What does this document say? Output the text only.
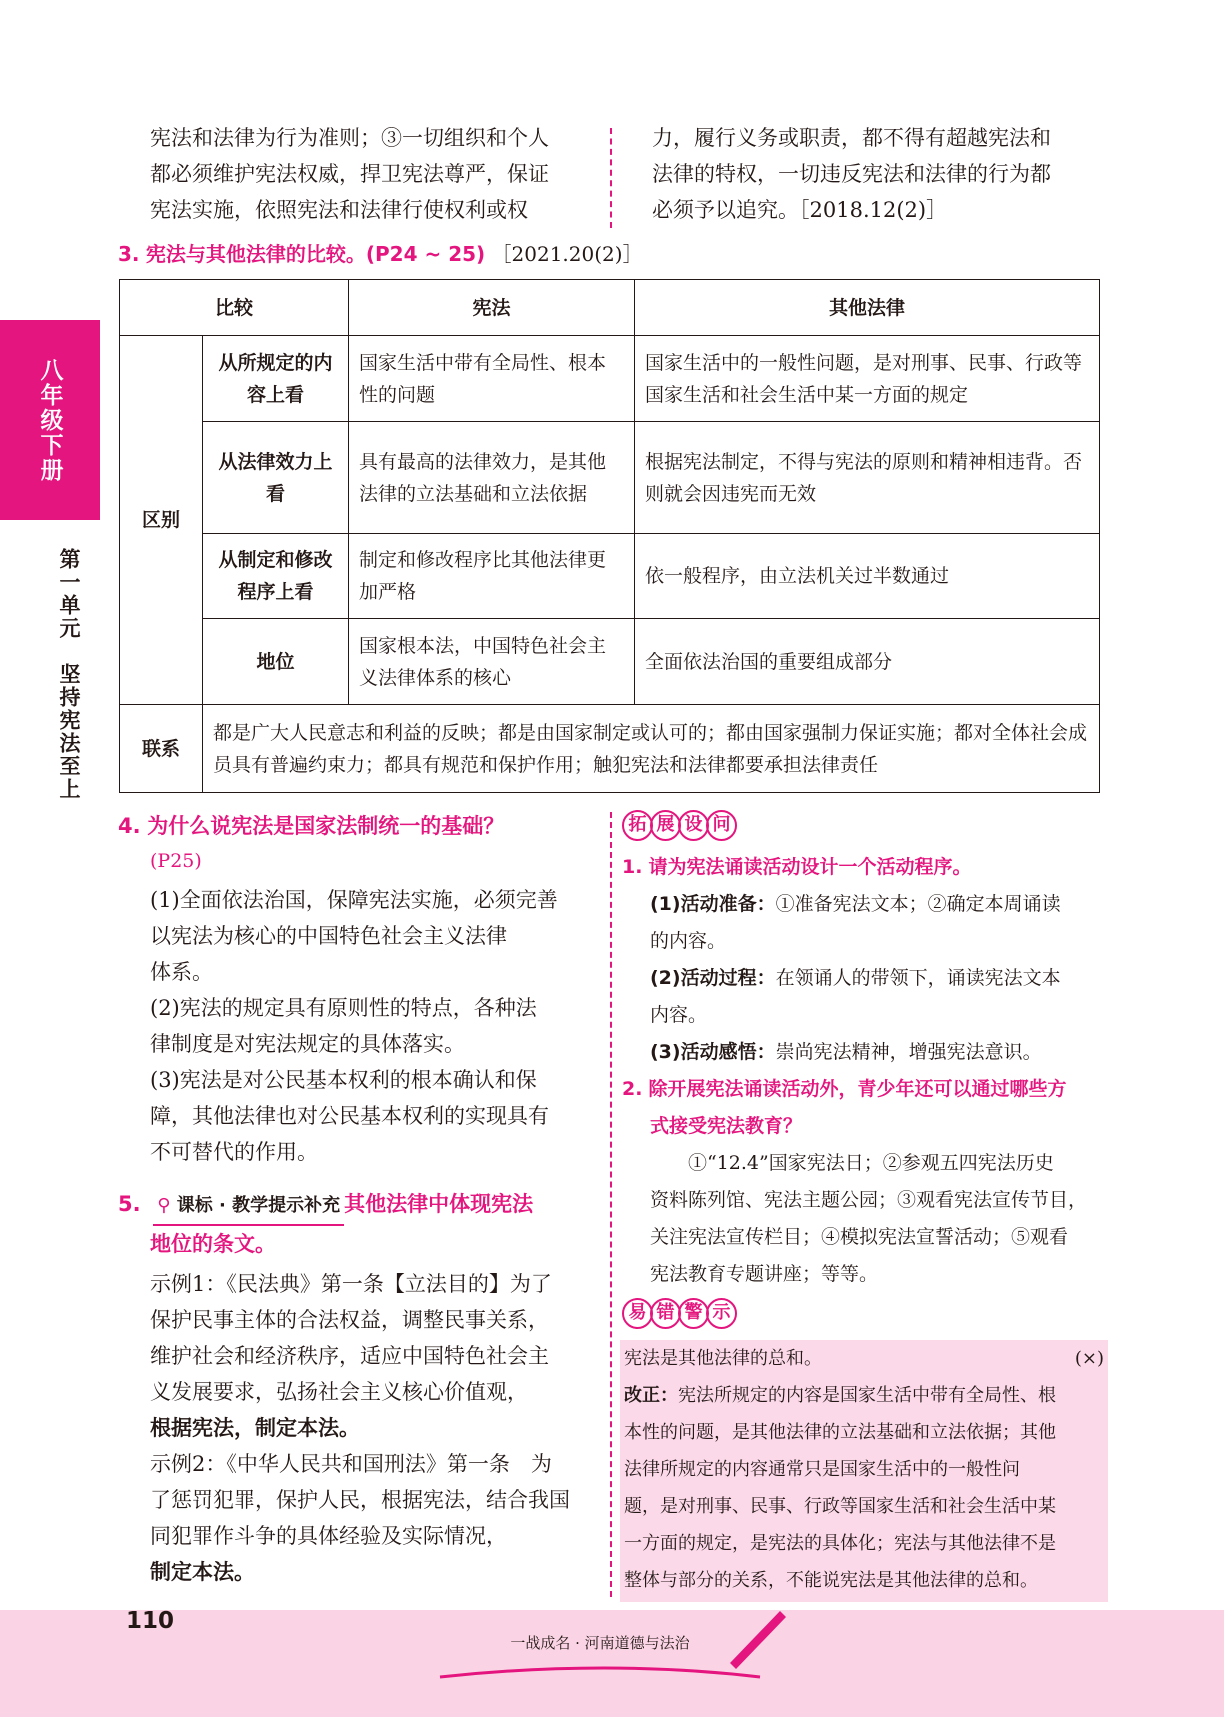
八年级下册
第一单元　坚持宪法至上
宪法和法律为行为准则；③一切组织和个人
都必须维护宪法权威，捍卫宪法尊严，保证
宪法实施，依照宪法和法律行使权利或权
力，履行义务或职责，都不得有超越宪法和
法律的特权，一切违反宪法和法律的行为都
必须予以追究。［2018.12(2)］
3. 宪法与其他法律的比较。(P24 ~ 25) ［2021.20(2)］
比较		宪法	其他法律
区别	从所规定的内容上看	国家生活中带有全局性、根本性的问题	国家生活中的一般性问题，是对刑事、民事、行政等国家生活和社会生活中某一方面的规定
	从法律效力上看	具有最高的法律效力，是其他法律的立法基础和立法依据	根据宪法制定，不得与宪法的原则和精神相违背。否则就会因违宪而无效
	从制定和修改程序上看	制定和修改程序比其他法律更加严格	依一般程序，由立法机关过半数通过
	地位	国家根本法，中国特色社会主义法律体系的核心	全面依法治国的重要组成部分
联系	都是广大人民意志和利益的反映；都是由国家制定或认可的；都由国家强制力保证实施；都对全体社会成员具有普遍约束力；都具有规范和保护作用；触犯宪法和法律都要承担法律责任		
4. 为什么说宪法是国家法制统一的基础？
(P25)
(1)全面依法治国，保障宪法实施，必须完善
以宪法为核心的中国特色社会主义法律
体系。
(2)宪法的规定具有原则性的特点，各种法
律制度是对宪法规定的具体落实。
(3)宪法是对公民基本权利的根本确认和保
障，其他法律也对公民基本权利的实现具有
不可替代的作用。
5. ⚲ 课标 · 教学提示补充 其他法律中体现宪法
地位的条文。
示例1：《民法典》第一条【立法目的】为了
保护民事主体的合法权益，调整民事关系，
维护社会和经济秩序，适应中国特色社会主
义发展要求，弘扬社会主义核心价值观，
根据宪法，制定本法。
示例2：《中华人民共和国刑法》第一条　为
了惩罚犯罪，保护人民，根据宪法，结合我国
同犯罪作斗争的具体经验及实际情况，
制定本法。
拓 展 设 问
1. 请为宪法诵读活动设计一个活动程序。
(1)活动准备：①准备宪法文本；②确定本周诵读
的内容。
(2)活动过程：在领诵人的带领下，诵读宪法文本
内容。
(3)活动感悟：崇尚宪法精神，增强宪法意识。
2. 除开展宪法诵读活动外，青少年还可以通过哪些方
式接受宪法教育？
　　①“12.4”国家宪法日；②参观五四宪法历史
资料陈列馆、宪法主题公园；③观看宪法宣传节目，
关注宪法宣传栏目；④模拟宪法宣誓活动；⑤观看
宪法教育专题讲座；等等。
易 错 警 示
宪法是其他法律的总和。	(×)
改正：宪法所规定的内容是国家生活中带有全局性、根
本性的问题，是其他法律的立法基础和立法依据；其他
法律所规定的内容通常只是国家生活中的一般性问
题，是对刑事、民事、行政等国家生活和社会生活中某
一方面的规定，是宪法的具体化；宪法与其他法律不是
整体与部分的关系，不能说宪法是其他法律的总和。
110
一战成名 · 河南道德与法治
